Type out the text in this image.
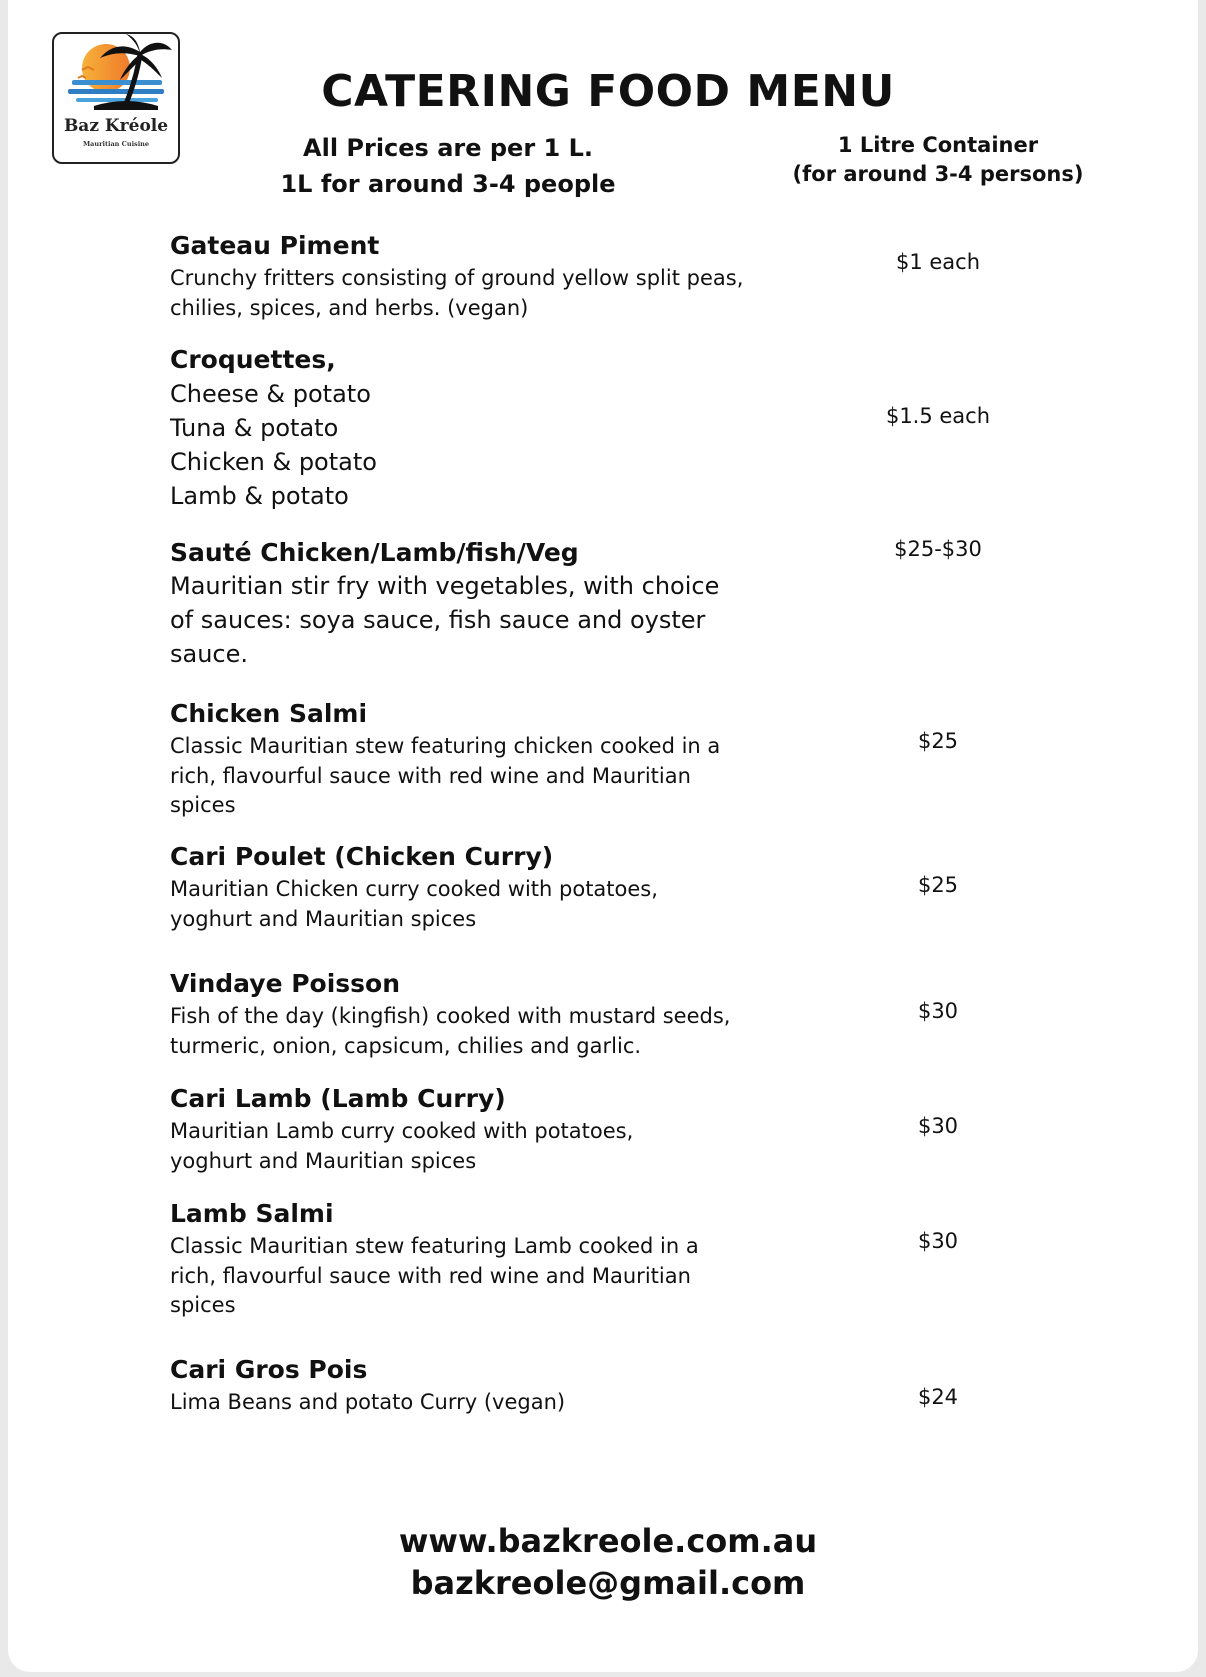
Baz Kréole
Mauritian Cuisine
CATERING FOOD MENU
All Prices are per 1 L.
1L for around 3-4 people
1 Litre Container
(for around 3-4 persons)
Gateau Piment
Crunchy fritters consisting of ground yellow split peas,
chilies, spices, and herbs. (vegan)
$1 each
Croquettes,
Cheese & potato
Tuna & potato
Chicken & potato
Lamb & potato
$1.5 each
Sauté Chicken/Lamb/fish/Veg
Mauritian stir fry with vegetables, with choice
of sauces: soya sauce, fish sauce and oyster
sauce.
$25-$30
Chicken Salmi
Classic Mauritian stew featuring chicken cooked in a
rich, flavourful sauce with red wine and Mauritian
spices
$25
Cari Poulet (Chicken Curry)
Mauritian Chicken curry cooked with potatoes,
yoghurt and Mauritian spices
$25
Vindaye Poisson
Fish of the day (kingfish) cooked with mustard seeds,
turmeric, onion, capsicum, chilies and garlic.
$30
Cari Lamb (Lamb Curry)
Mauritian Lamb curry cooked with potatoes,
yoghurt and Mauritian spices
$30
Lamb Salmi
Classic Mauritian stew featuring Lamb cooked in a
rich, flavourful sauce with red wine and Mauritian
spices
$30
Cari Gros Pois
Lima Beans and potato Curry (vegan)	$24
www.bazkreole.com.au
bazkreole@gmail.com
